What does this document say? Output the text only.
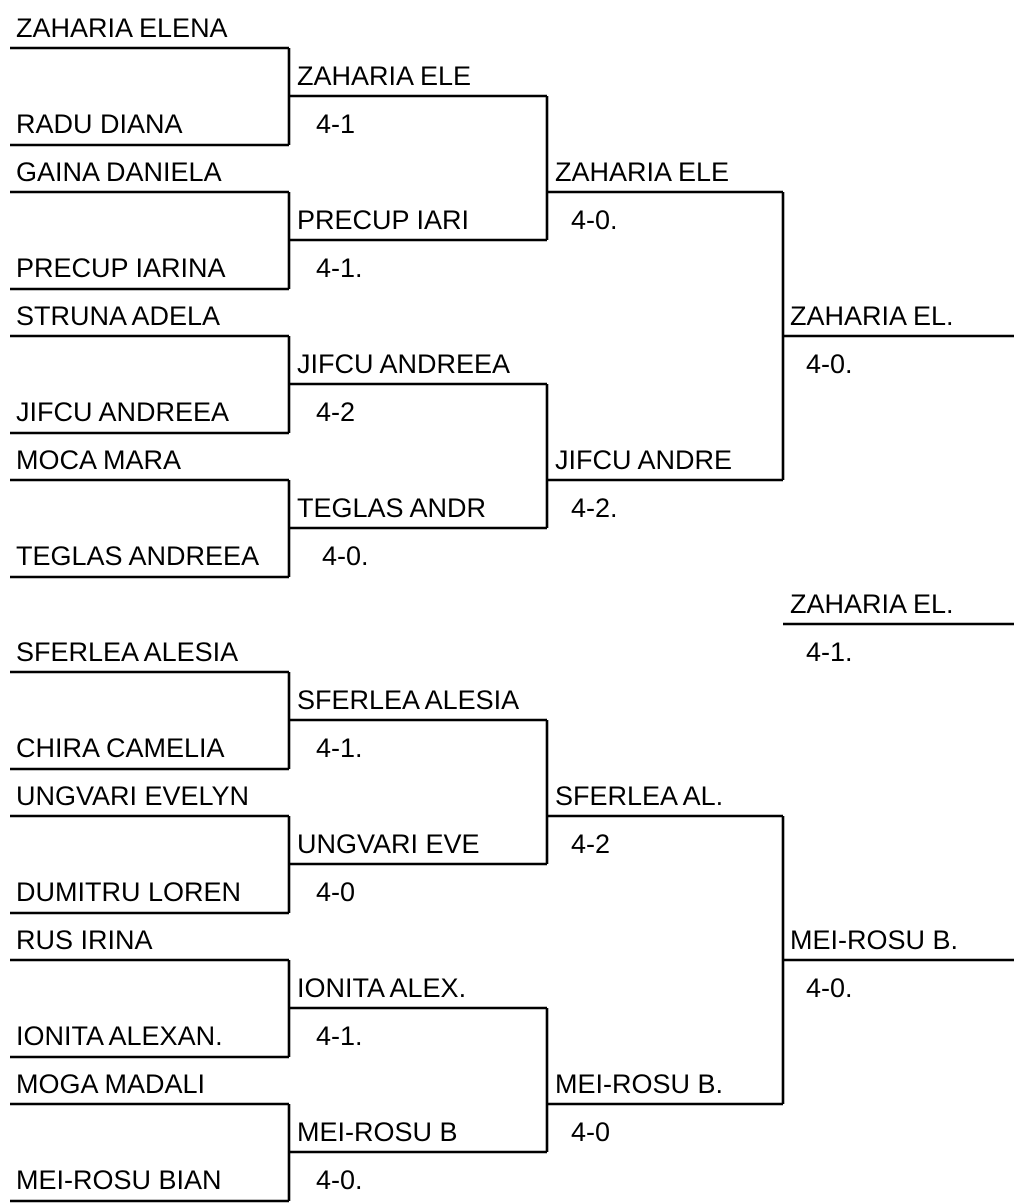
ZAHARIA ELENA
RADU DIANA
GAINA DANIELA
PRECUP IARINA
STRUNA ADELA
JIFCU ANDREEA
MOCA MARA
TEGLAS ANDREEA
ZAHARIA ELE
4-1
PRECUP IARI
4-1.
JIFCU ANDREEA
4-2
TEGLAS ANDR
4-0.
ZAHARIA ELE
4-0.
JIFCU ANDRE
4-2.
ZAHARIA EL.
4-0.
ZAHARIA EL.
4-1.
SFERLEA ALESIA
CHIRA CAMELIA
UNGVARI EVELYN
DUMITRU LOREN
RUS IRINA
IONITA ALEXAN.
MOGA MADALI
MEI-ROSU BIAN
SFERLEA ALESIA
4-1.
UNGVARI EVE
4-0
IONITA ALEX.
4-1.
MEI-ROSU B
4-0.
SFERLEA AL.
4-2
MEI-ROSU B.
4-0
MEI-ROSU B.
4-0.
